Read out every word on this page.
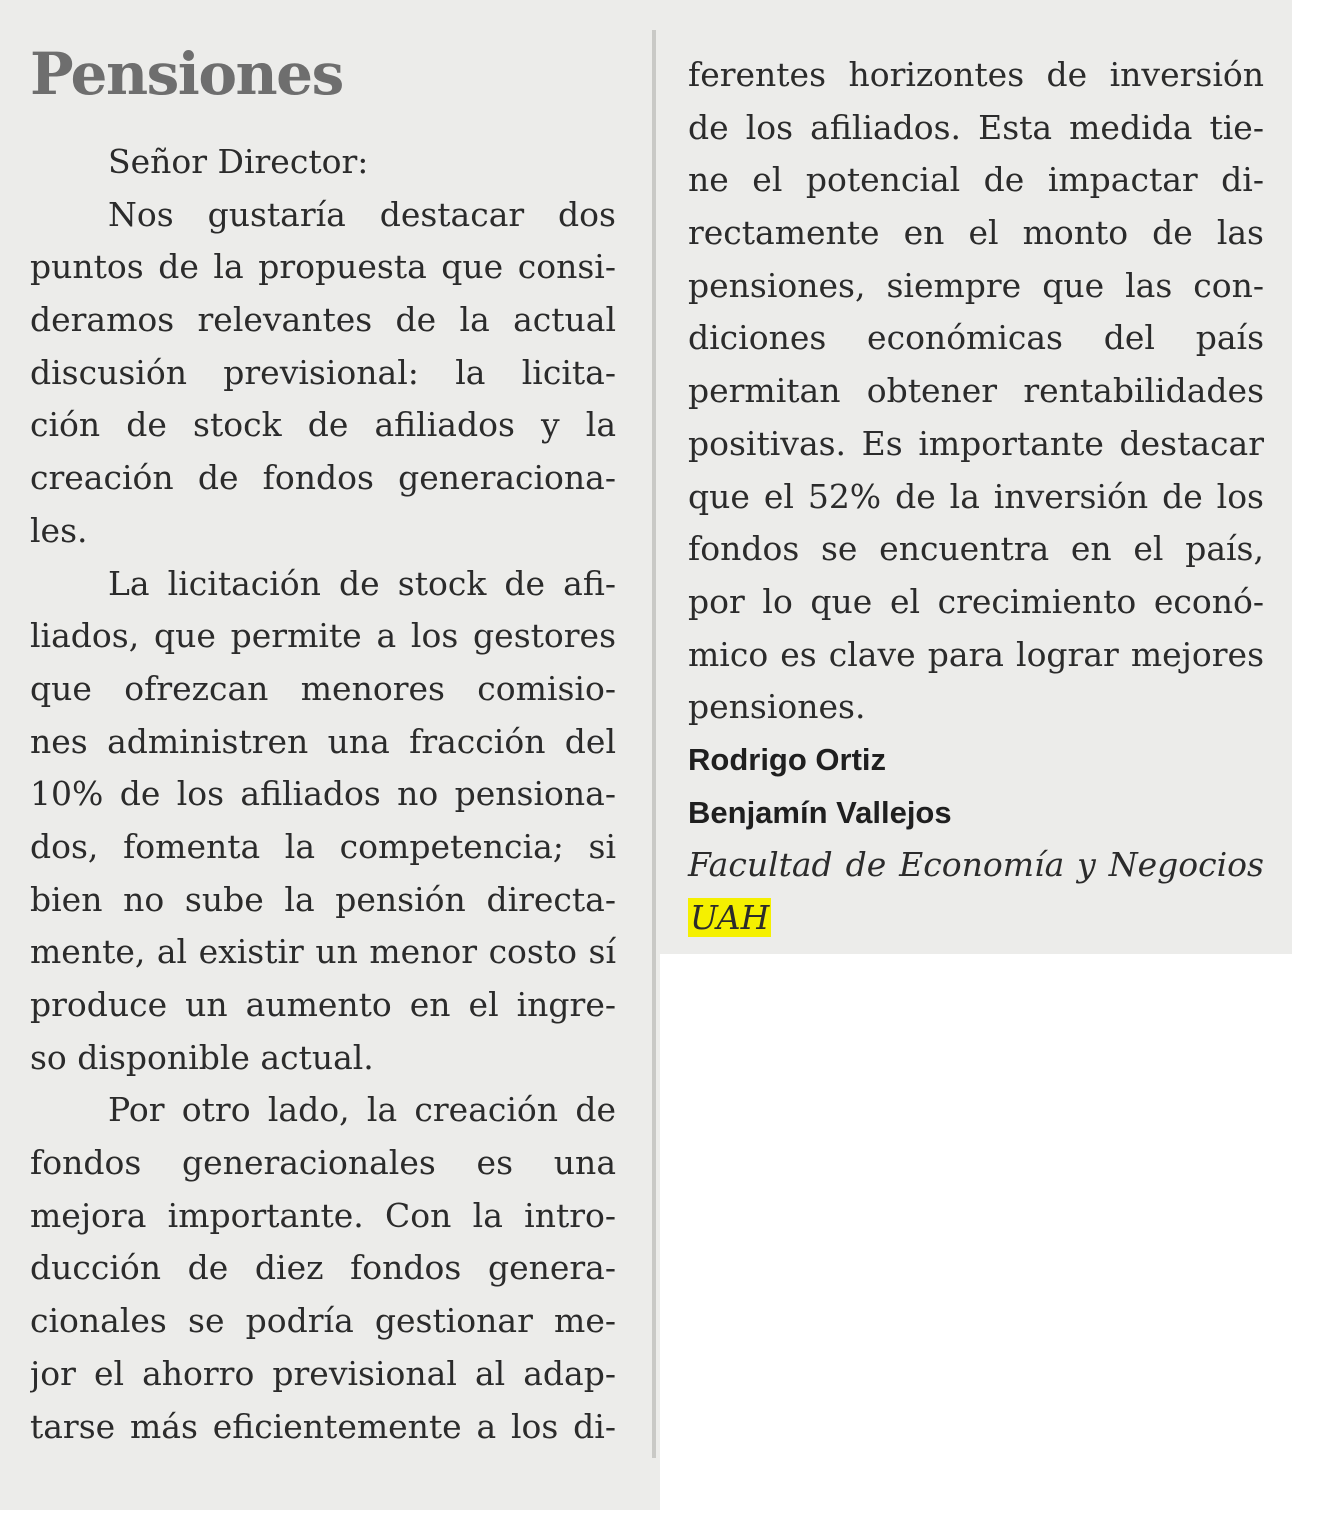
Pensiones
Señor Director:
Nos gustaría destacar dos
puntos de la propuesta que consi-
deramos relevantes de la actual
discusión previsional: la licita-
ción de stock de afiliados y la
creación de fondos generaciona-
les.
La licitación de stock de afi-
liados, que permite a los gestores
que ofrezcan menores comisio-
nes administren una fracción del
10% de los afiliados no pensiona-
dos, fomenta la competencia; si
bien no sube la pensión directa-
mente, al existir un menor costo sí
produce un aumento en el ingre-
so disponible actual.
Por otro lado, la creación de
fondos generacionales es una
mejora importante. Con la intro-
ducción de diez fondos genera-
cionales se podría gestionar me-
jor el ahorro previsional al adap-
tarse más eficientemente a los di-
ferentes horizontes de inversión
de los afiliados. Esta medida tie-
ne el potencial de impactar di-
rectamente en el monto de las
pensiones, siempre que las con-
diciones económicas del país
permitan obtener rentabilidades
positivas. Es importante destacar
que el 52% de la inversión de los
fondos se encuentra en el país,
por lo que el crecimiento econó-
mico es clave para lograr mejores
pensiones.
Rodrigo Ortiz
Benjamín Vallejos
Facultad de Economía y Negocios
UAH
